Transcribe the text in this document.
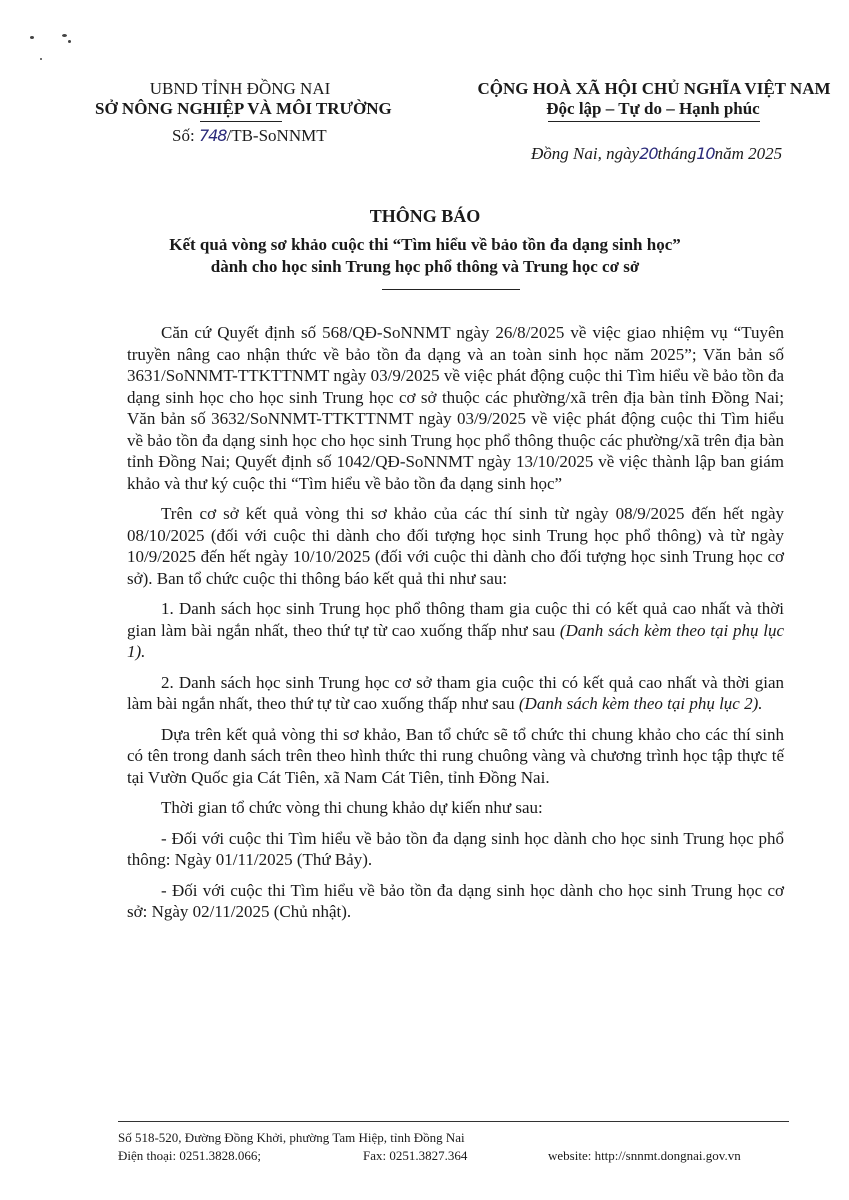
UBND TỈNH ĐỒNG NAI
SỞ NÔNG NGHIỆP VÀ MÔI TRƯỜNG
Số: 748/TB-SoNNMT
CỘNG HOÀ XÃ HỘI CHỦ NGHĨA VIỆT NAM
Độc lập – Tự do – Hạnh phúc
Đồng Nai, ngày20tháng10năm 2025
THÔNG BÁO
Kết quả vòng sơ khảo cuộc thi “Tìm hiểu về bảo tồn đa dạng sinh học”
dành cho học sinh Trung học phổ thông và Trung học cơ sở

Căn cứ Quyết định số 568/QĐ-SoNNMT ngày 26/8/2025 về việc giao nhiệm vụ “Tuyên truyền nâng cao nhận thức về bảo tồn đa dạng và an toàn sinh học năm 2025”; Văn bản số 3631/SoNNMT-TTKTTNMT ngày 03/9/2025 về việc phát động cuộc thi Tìm hiểu về bảo tồn đa dạng sinh học cho học sinh Trung học cơ sở thuộc các phường/xã trên địa bàn tỉnh Đồng Nai; Văn bản số 3632/SoNNMT-TTKTTNMT ngày 03/9/2025 về việc phát động cuộc thi Tìm hiểu về bảo tồn đa dạng sinh học cho học sinh Trung học phổ thông thuộc các phường/xã trên địa bàn tỉnh Đồng Nai; Quyết định số 1042/QĐ-SoNNMT ngày 13/10/2025 về việc thành lập ban giám khảo và thư ký cuộc thi “Tìm hiểu về bảo tồn đa dạng sinh học”

Trên cơ sở kết quả vòng thi sơ khảo của các thí sinh từ ngày 08/9/2025 đến hết ngày 08/10/2025 (đối với cuộc thi dành cho đối tượng học sinh Trung học phổ thông) và từ ngày 10/9/2025 đến hết ngày 10/10/2025 (đối với cuộc thi dành cho đối tượng học sinh Trung học cơ sở). Ban tổ chức cuộc thi thông báo kết quả thi như sau:

1. Danh sách học sinh Trung học phổ thông tham gia cuộc thi có kết quả cao nhất và thời gian làm bài ngắn nhất, theo thứ tự từ cao xuống thấp như sau (Danh sách kèm theo tại phụ lục 1).

2. Danh sách học sinh Trung học cơ sở tham gia cuộc thi có kết quả cao nhất và thời gian làm bài ngắn nhất, theo thứ tự từ cao xuống thấp như sau (Danh sách kèm theo tại phụ lục 2).

Dựa trên kết quả vòng thi sơ khảo, Ban tổ chức sẽ tổ chức thi chung khảo cho các thí sinh có tên trong danh sách trên theo hình thức thi rung chuông vàng và chương trình học tập thực tế tại Vườn Quốc gia Cát Tiên, xã Nam Cát Tiên, tỉnh Đồng Nai.

Thời gian tổ chức vòng thi chung khảo dự kiến như sau:

- Đối với cuộc thi Tìm hiểu về bảo tồn đa dạng sinh học dành cho học sinh Trung học phổ thông: Ngày 01/11/2025 (Thứ Bảy).

- Đối với cuộc thi Tìm hiểu về bảo tồn đa dạng sinh học dành cho học sinh Trung học cơ sở: Ngày 02/11/2025 (Chủ nhật).

Số 518-520, Đường Đồng Khởi, phường Tam Hiệp, tỉnh Đồng Nai
Điện thoại: 0251.3828.066;	Fax: 0251.3827.364	website: http://snnmt.dongnai.gov.vn
